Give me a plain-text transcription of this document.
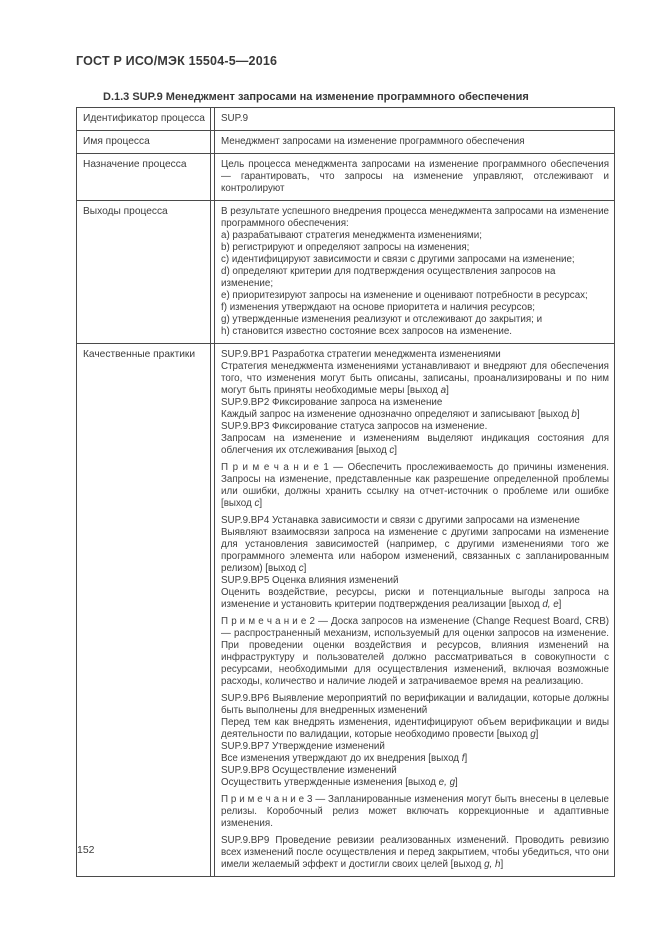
ГОСТ Р ИСО/МЭК 15504-5—2016
D.1.3 SUP.9 Менеджмент запросами на изменение программного обеспечения
Идентификатор процесса	SUP.9
Имя процесса	Менеджмент запросами на изменение программного обеспечения
Назначение процесса	Цель процесса менеджмента запросами на изменение программного обеспечения — гарантировать, что запросы на изменение управляют, отслеживают и контролируют
Выходы процесса	В результате успешного внедрения процесса менеджмента запросами на изменение программного обеспечения:
a) разрабатывают стратегия менеджмента изменениями;
b) регистрируют и определяют запросы на изменения;
c) идентифицируют зависимости и связи с другими запросами на изменение;
d) определяют критерии для подтверждения осуществления запросов на изменение;
e) приоритезируют запросы на изменение и оценивают потребности в ресурсах;
f) изменения утверждают на основе приоритета и наличия ресурсов;
g) утвержденные изменения реализуют и отслеживают до закрытия; и
h) становится известно состояние всех запросов на изменение.
Качественные практики	SUP.9.BP1 Разработка стратегии менеджмента изменениями
Стратегия менеджмента изменениями устанавливают и внедряют для обеспечения того, что изменения могут быть описаны, записаны, проанализированы и по ним могут быть приняты необходимые меры [выход a]
SUP.9.BP2 Фиксирование запроса на изменение
Каждый запрос на изменение однозначно определяют и записывают [выход b]
SUP.9.BP3 Фиксирование статуса запросов на изменение.
Запросам на изменение и изменениям выделяют индикация состояния для облегчения их отслеживания [выход c]
П р и м е ч а н и е 1 — Обеспечить прослеживаемость до причины изменения. Запросы на изменение, представленные как разрешение определенной проблемы или ошибки, должны хранить ссылку на отчет-источник о проблеме или ошибке [выход c]
SUP.9.BP4 Устанавка зависимости и связи с другими запросами на изменение
Выявляют взаимосвязи запроса на изменение с другими запросами на изменение для установления зависимостей (например, с другими изменениями того же программного элемента или набором изменений, связанных с запланированным релизом) [выход c]
SUP.9.BP5 Оценка влияния изменений
Оценить воздействие, ресурсы, риски и потенциальные выгоды запроса на изменение и установить критерии подтверждения реализации [выход d, e]
П р и м е ч а н и е 2 — Доска запросов на изменение (Change Request Board, CRB) — распространенный механизм, используемый для оценки запросов на изменение. При проведении оценки воздействия и ресурсов, влияния изменений на инфраструктуру и пользователей должно рассматриваться в совокупности с ресурсами, необходимыми для осуществления изменений, включая возможные расходы, количество и наличие людей и затрачиваемое время на реализацию.
SUP.9.BP6 Выявление мероприятий по верификации и валидации, которые должны быть выполнены для внедренных изменений
Перед тем как внедрять изменения, идентифицируют объем верификации и виды деятельности по валидации, которые необходимо провести [выход g]
SUP.9.BP7 Утверждение изменений
Все изменения утверждают до их внедрения [выход f]
SUP.9.BP8 Осуществление изменений
Осуществить утвержденные изменения [выход e, g]
П р и м е ч а н и е 3 — Запланированные изменения могут быть внесены в целевые релизы. Коробочный релиз может включать коррекционные и адаптивные изменения.
SUP.9.BP9 Проведение ревизии реализованных изменений. Проводить ревизию всех изменений после осуществления и перед закрытием, чтобы убедиться, что они имели желаемый эффект и достигли своих целей [выход g, h]
152
